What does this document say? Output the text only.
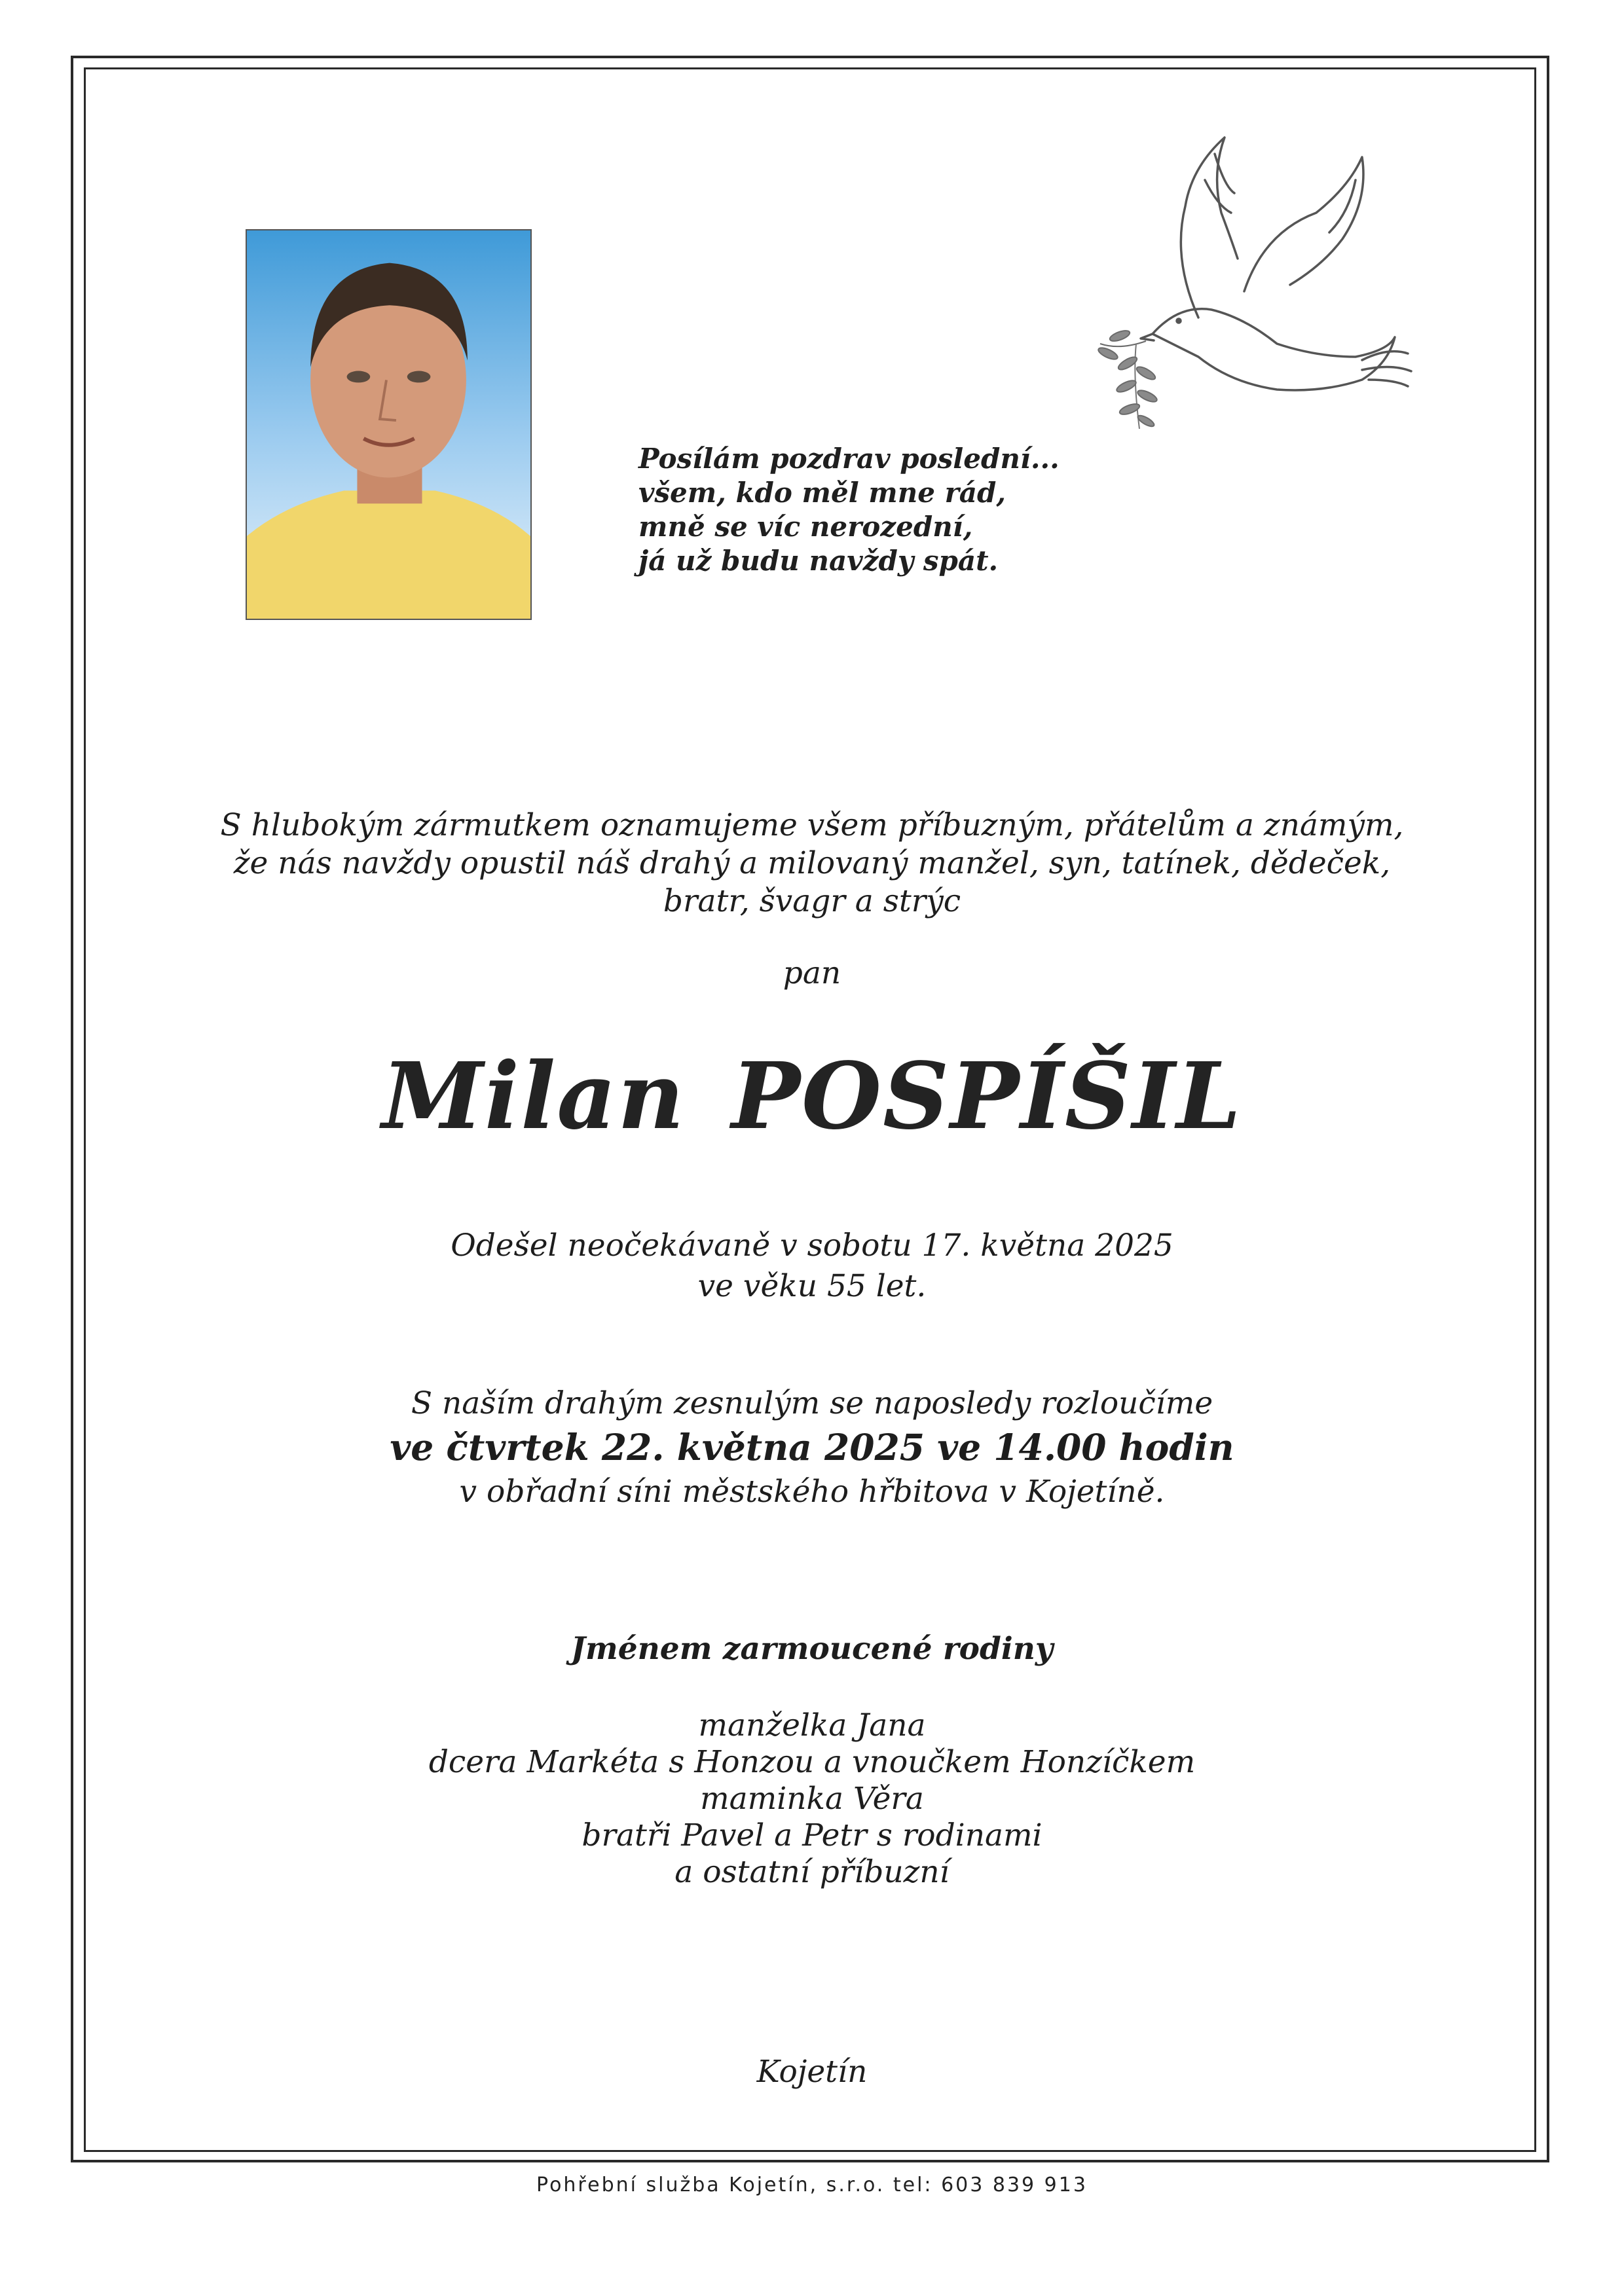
Posílám pozdrav poslední...
všem, kdo měl mne rád,
mně se víc nerozední,
já už budu navždy spát.
S hlubokým zármutkem oznamujeme všem příbuzným, přátelům a známým,
že nás navždy opustil náš drahý a milovaný manžel, syn, tatínek, dědeček,
bratr, švagr a strýc
pan
Milan POSPÍŠIL
Odešel neočekávaně v sobotu 17. května 2025
ve věku 55 let.
S naším drahým zesnulým se naposledy rozloučíme
ve čtvrtek 22. května 2025 ve 14.00 hodin
v obřadní síni městského hřbitova v Kojetíně.
Jménem zarmoucené rodiny
manželka Jana
dcera Markéta s Honzou a vnoučkem Honzíčkem
maminka Věra
bratři Pavel a Petr s rodinami
a ostatní příbuzní
Kojetín
Pohřební služba Kojetín, s.r.o. tel: 603 839 913
